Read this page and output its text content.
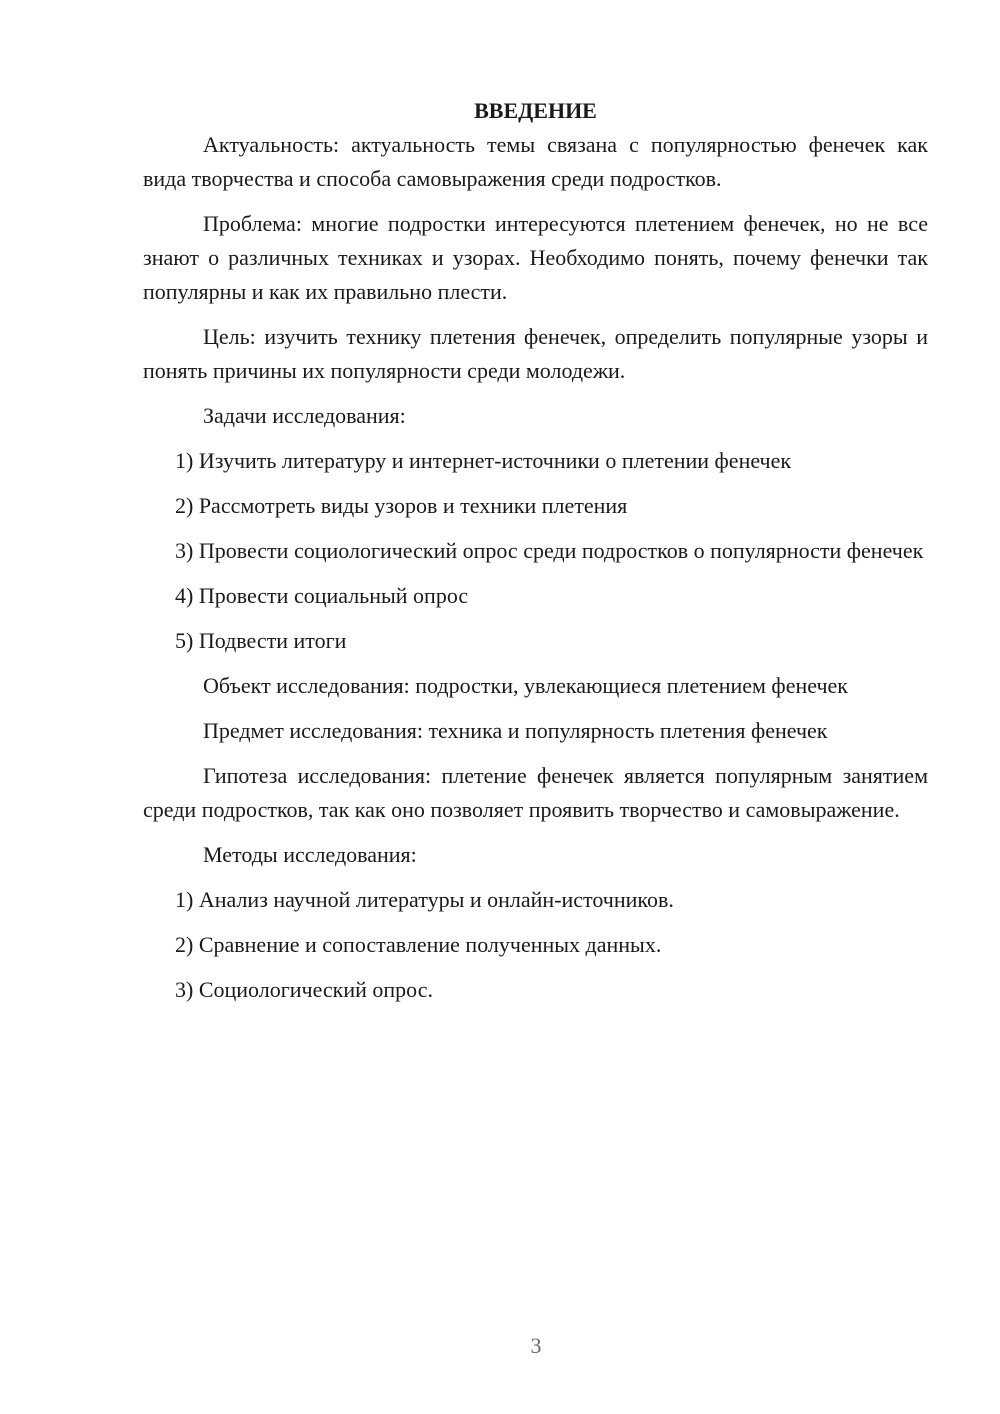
ВВЕДЕНИЕ

Актуальность: актуальность темы связана с популярностью фенечек как вида творчества и способа самовыражения среди подростков.

Проблема: многие подростки интересуются плетением фенечек, но не все знают о различных техниках и узорах. Необходимо понять, почему фенечки так популярны и как их правильно плести.

Цель: изучить технику плетения фенечек, определить популярные узоры и понять причины их популярности среди молодежи.

Задачи исследования:

1) Изучить литературу и интернет-источники о плетении фенечек

2) Рассмотреть виды узоров и техники плетения

3) Провести социологический опрос среди подростков о популярности фенечек

4) Провести социальный опрос

5) Подвести итоги

Объект исследования: подростки, увлекающиеся плетением фенечек

Предмет исследования: техника и популярность плетения фенечек

Гипотеза исследования: плетение фенечек является популярным занятием среди подростков, так как оно позволяет проявить творчество и самовыражение.

Методы исследования:

1) Анализ научной литературы и онлайн-источников.

2) Сравнение и сопоставление полученных данных.

3) Социологический опрос.

3
